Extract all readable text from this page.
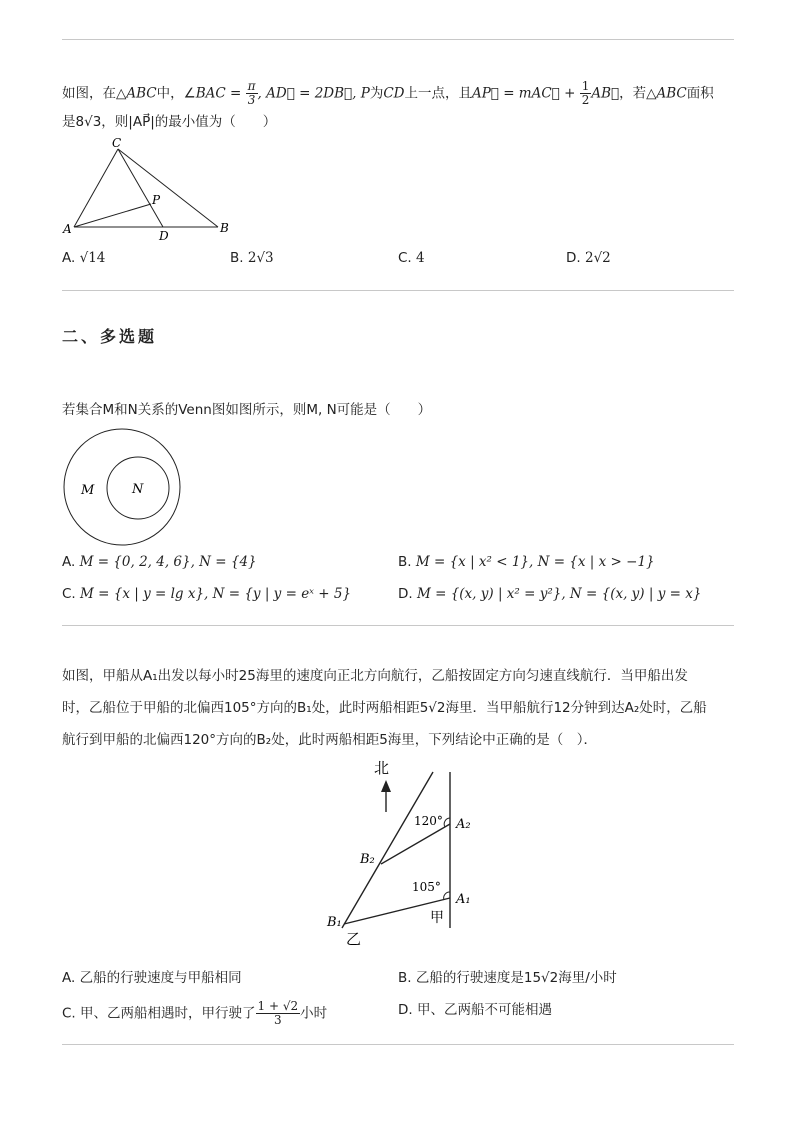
如图，在△ABC中，∠BAC = $\frac{\pi}{3}$ , AD⃗ = 2DB⃗, P为CD上一点，且AP⃗ = mAC⃗ + $\frac{1}{2}$ AB⃗，若△ABC面积
是8√3，则|AP⃗|的最小值为（　　）
C
P
A	D
B
A. √14	B. 2√3	C. 4	D. 2√2
二、多选题
若集合M和N关系的Venn图如图所示，则M, N可能是（　　）
M	N
A. M = {0, 2, 4, 6}, N = {4}	B. M = {x | x² < 1}, N = {x | x > −1}
C. M = {x | y = lg x}, N = {y | y = eˣ + 5}	D. M = {(x, y) | x² = y²}, N = {(x, y) | y = x}
如图，甲船从A₁出发以每小时25海里的速度向正北方向航行，乙船按固定方向匀速直线航行．当甲船出发
时，乙船位于甲船的北偏西105°方向的B₁处，此时两船相距5√2海里．当甲船航行12分钟到达A₂处时，乙船
航行到甲船的北偏西120°方向的B₂处，此时两船相距5海里，下列结论中正确的是（　）．
北
120°
105°
A₂
A₁
B₂
B₁	甲
乙
A. 乙船的行驶速度与甲船相同	B. 乙船的行驶速度是15√2海里/小时
C. 甲、乙两船相遇时，甲行驶了 $\frac{1 + √2}{3}$ 小时	D. 甲、乙两船不可能相遇
